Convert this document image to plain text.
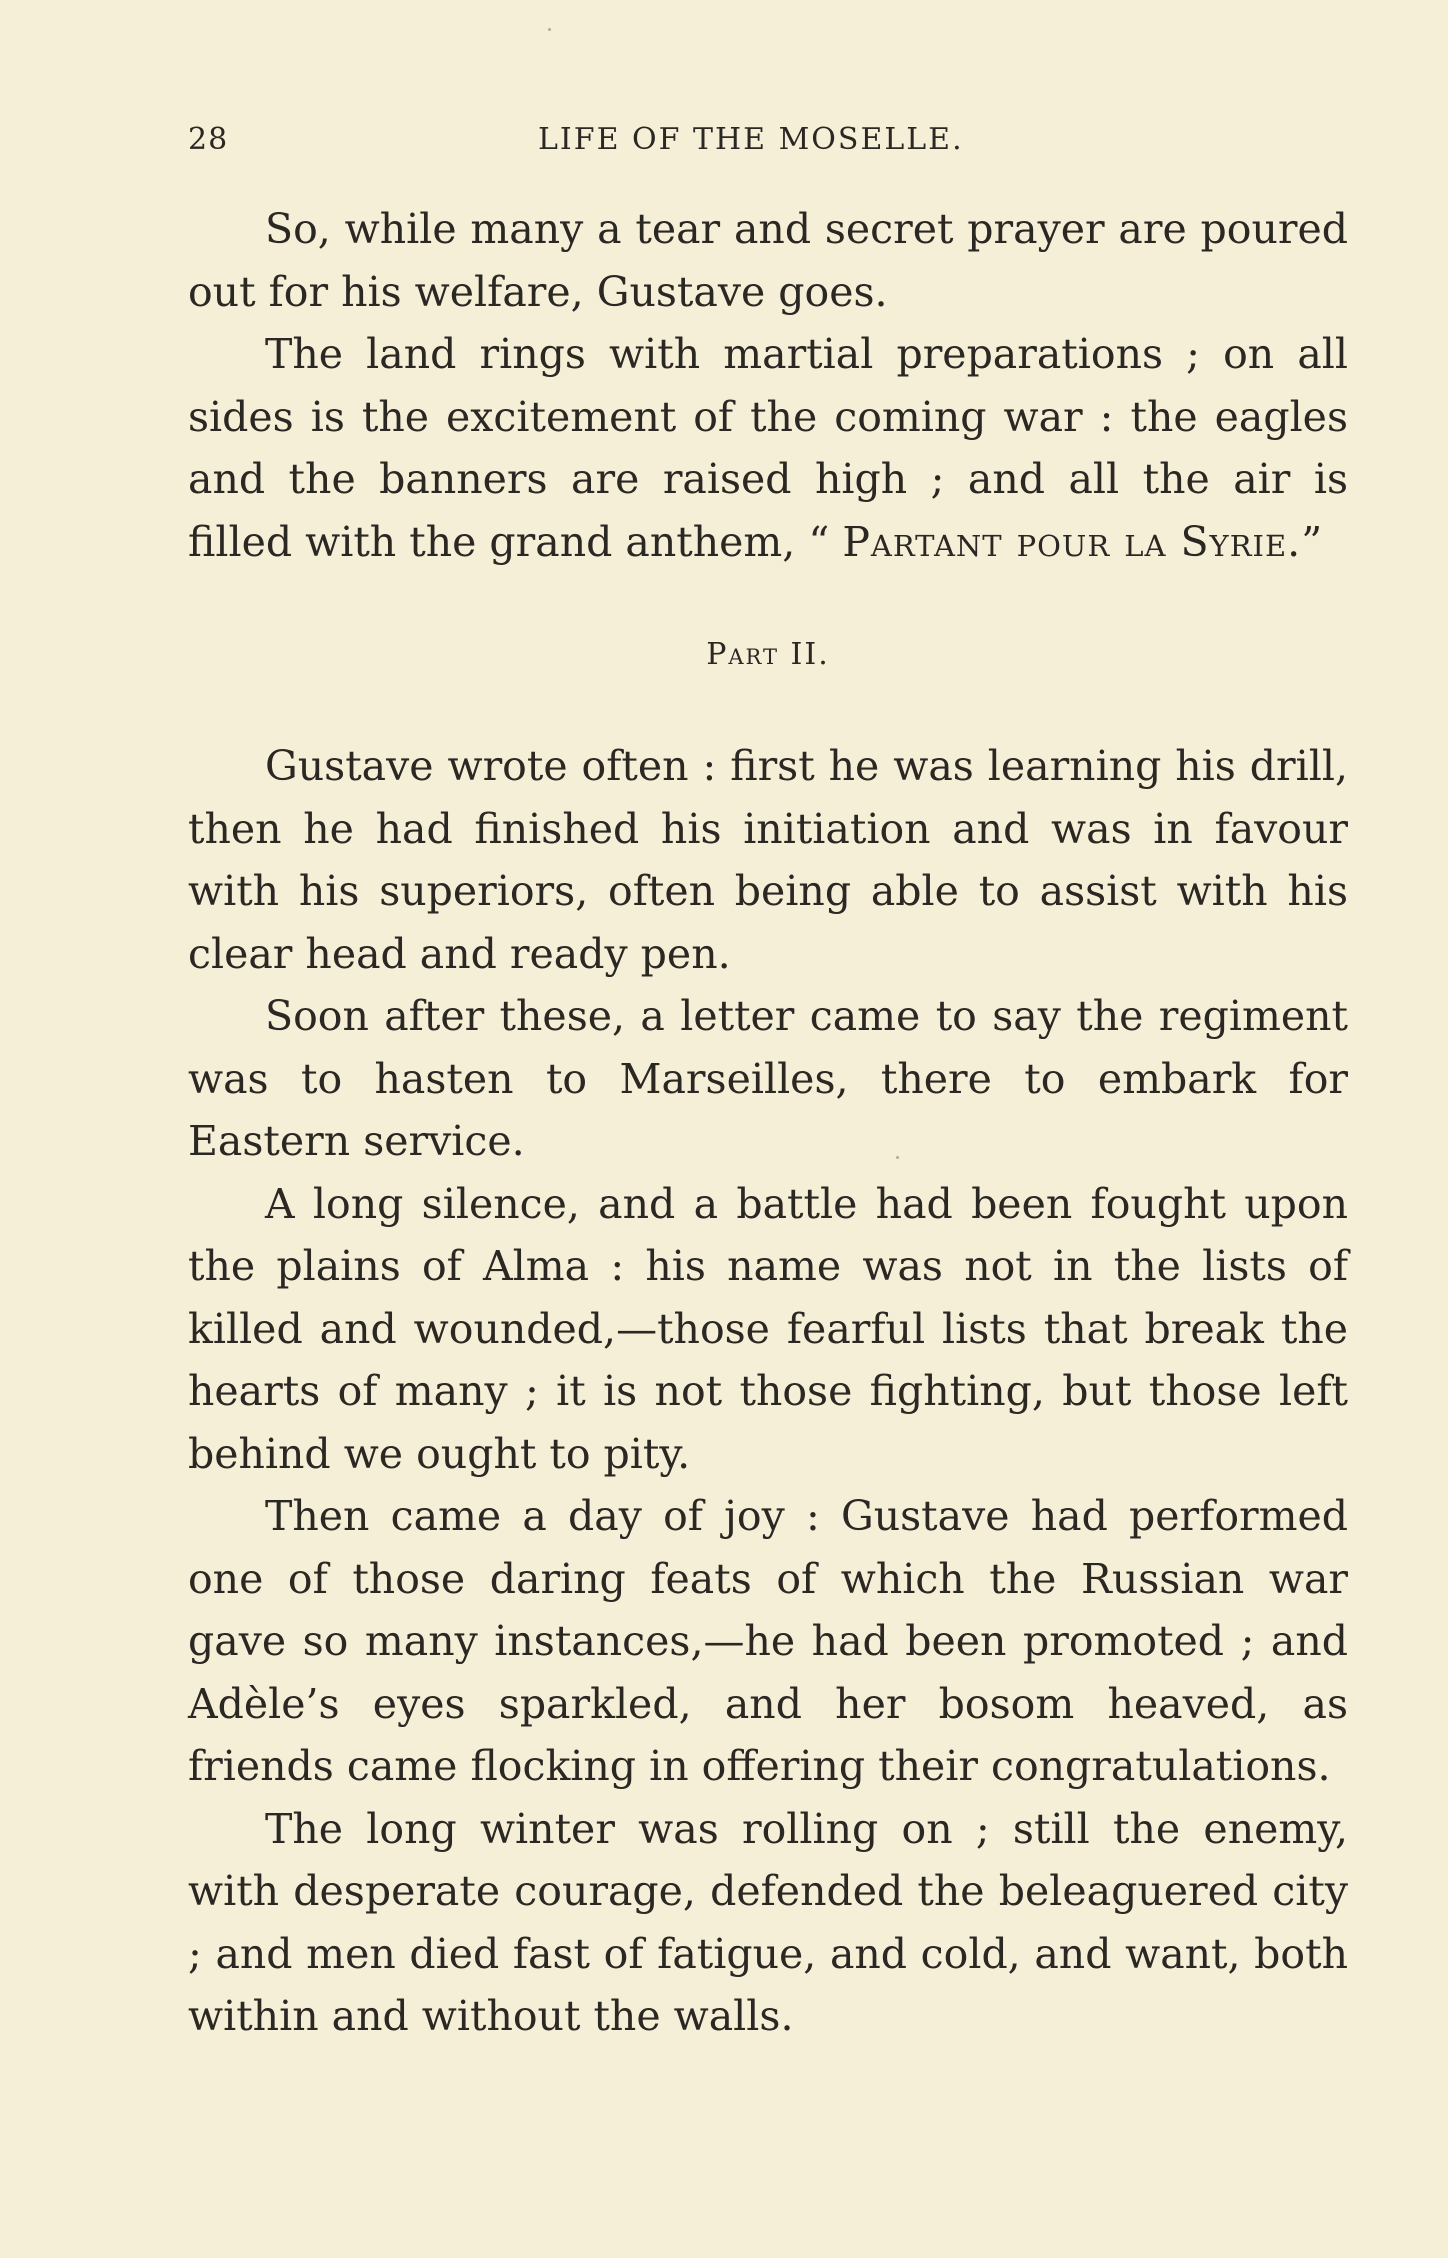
28	LIFE OF THE MOSELLE.

So, while many a tear and secret prayer are poured out for his welfare, Gustave goes.

The land rings with martial preparations ; on all sides is the excitement of the coming war : the eagles and the banners are raised high ; and all the air is filled with the grand anthem, “ Partant pour la Syrie.”

Part II.

Gustave wrote often : first he was learning his drill, then he had finished his initiation and was in favour with his superiors, often being able to assist with his clear head and ready pen.

Soon after these, a letter came to say the regiment was to hasten to Marseilles, there to embark for Eastern service.

A long silence, and a battle had been fought upon the plains of Alma : his name was not in the lists of killed and wounded,—those fearful lists that break the hearts of many ; it is not those fighting, but those left behind we ought to pity.

Then came a day of joy : Gustave had performed one of those daring feats of which the Russian war gave so many instances,—he had been promoted ; and Adèle’s eyes sparkled, and her bosom heaved, as friends came flocking in offering their congratulations.

The long winter was rolling on ; still the enemy, with desperate courage, defended the beleaguered city ; and men died fast of fatigue, and cold, and want, both within and without the walls.
